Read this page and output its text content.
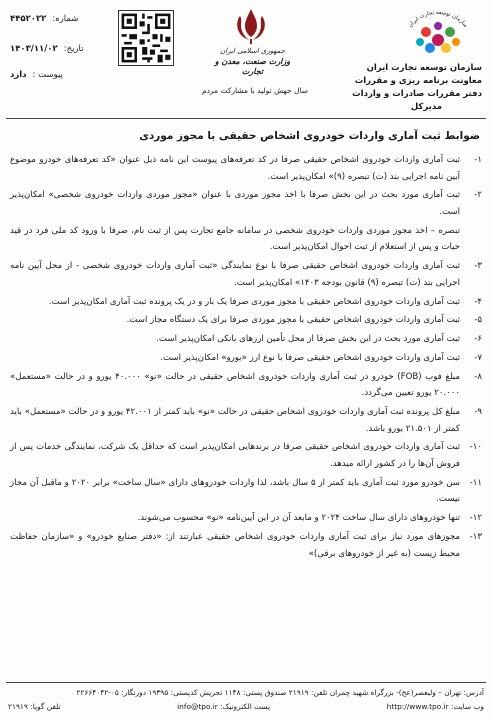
شماره:
۴۴۵۲۰۲۲
تاریخ:
۱۴۰۳/۱۱/۰۲
پیوست :
دارد
جمهوری اسلامی ایران
وزارت صنعت، معدن و تجارت
سال جهش تولید با مشارکت مردم
سازمان توسعه تجارت ایران
سازمان توسعه تجارت ایران
معاونت برنامه ریزی و مقررات
دفتر مقررات صادرات و واردات
مدیرکل
ضوابط ثبت آماری واردات خودروی اشخاص حقیقی با مجوز موردی
۱-
ثبت آماری واردات خودروی اشخاص حقیقی صرفا در کد تعرفه‌های پیوست این نامه ذیل عنوان «کد تعرفه‌های خودرو موضوع آیین نامه اجرایی بند (ت) تبصره (۹)» امکان‌پذیر است.
۲-
ثبت آماری مورد بحث در این بخش صرفا با اخذ مجوز موردی با عنوان «مجوز موردی واردات خودروی شخصی» امکان‌پذیر است.
تبصره – اخذ مجوز موردی واردات خودروی شخصی در سامانه جامع تجارت پس از ثبت نام، صرفا با ورود کد ملی فرد در قید حیات و پس از استعلام از ثبت احوال امکان‌پذیر است.
۳-
ثبت آماری واردات خودروی اشخاص حقیقی صرفا با نوع نمایندگی «ثبت آماری واردات خودروی شخصی - از محل آیین نامه اجرایی بند (ت) تبصره (۹) قانون بودجه ۱۴۰۳» امکان‌پذیر است.
۴-
ثبت آماری واردات خودروی اشخاص حقیقی با مجوز موردی صرفا یک بار و در یک پرونده ثبت آماری امکان‌پذیر است.
۵-
ثبت آماری واردات خودروی اشخاص حقیقی با مجوز موردی صرفا برای یک دستگاه مجاز است.
۶-
ثبت آماری مورد بحث در این بخش صرفا از محل تأمین ارزهای بانکی امکان‌پذیر است.
۷-
ثبت آماری واردات خودروی اشخاص حقیقی صرفا با نوع ارز «یورو» امکان‌پذیر است.
۸-
مبلغ فوب (FOB) خودرو در ثبت آماری واردات خودروی اشخاص حقیقی در حالت «نو» ۴۰.۰۰۰ یورو و در حالت «مستعمل» ۲۰.۰۰۰ یورو تعیین می‌گردد.
۹-
مبلغ کل پرونده ثبت آماری واردات خودروی اشخاص حقیقی در حالت «نو» باید کمتر از ۴۲.۰۰۱ یورو و در حالت «مستعمل» باید کمتر از ۲۱.۵۰۱ یورو باشد.
۱۰-
ثبت آماری واردات خودروی اشخاص حقیقی صرفا در برندهایی امکان‌پذیر است که حداقل یک شرکت، نمایندگی خدمات پس از فروش آن‌ها را در کشور ارائه میدهد.
۱۱-
سن خودرو مورد ثبت آماری باید کمتر از ۵ سال باشد، لذا واردات خودروهای دارای «سال ساخت» برابر ۲۰۲۰ و ماقبل آن مجاز نیست.
۱۲-
تنها خودروهای دارای سال ساخت ۲۰۲۴ و مابعد آن در این آیین‌نامه «نو» محسوب می‌شوند.
۱۳-
مجوزهای مورد نیاز برای ثبت آماری واردات خودروی اشخاص حقیقی عبارتند از: «دفتر صنایع خودرو» و «سازمان حفاظت محیط زیست (به غیر از خودروهای برقی)»
آدرس: تهران – ولیعصر(عج)- بزرگراه شهید چمران تلفن: ۲۱۹۱۹ صندوق پستی: ۱۱۴۸ تجریش کدپستی: ۱۹۳۹۵ دورنگار: ۰۵-۲۲۶۶۴۰۴۲
وب سایت: http://www.tpo.ir
پست الکترونیک: info@tpo.ir
تلفن گویا: ۲۱۹۱۹
